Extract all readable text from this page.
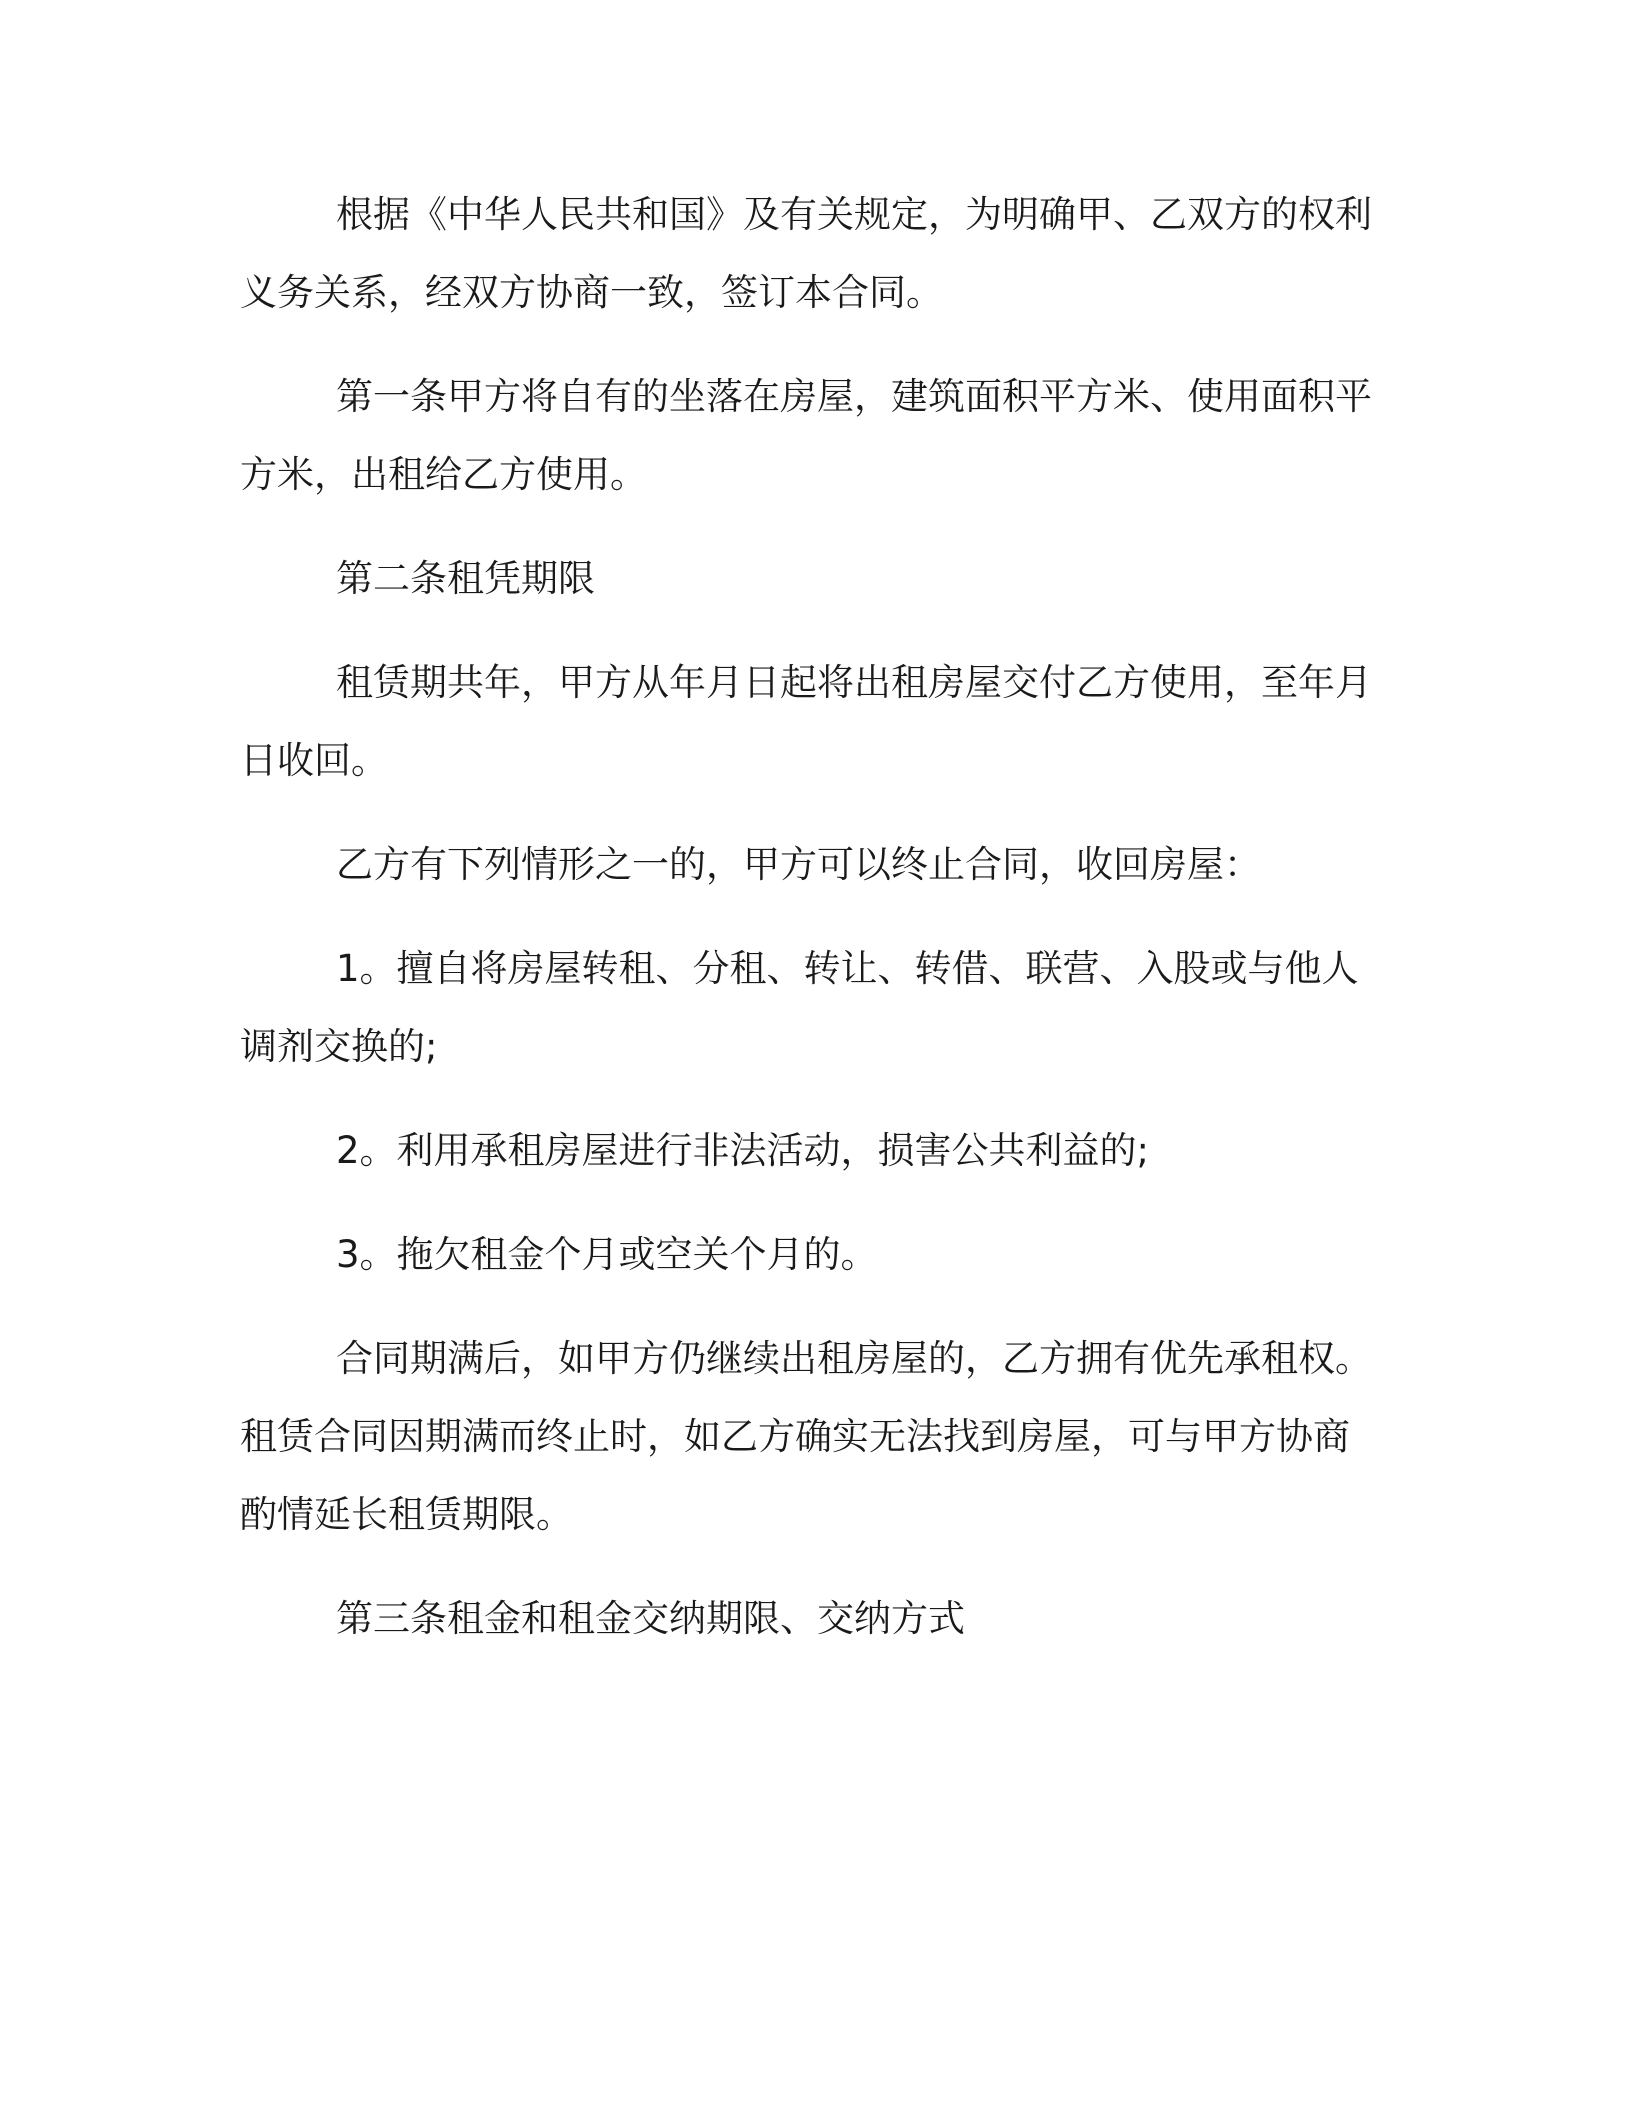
根据《中华人民共和国》及有关规定，为明确甲、乙双方的权利
义务关系，经双方协商一致，签订本合同。

第一条甲方将自有的坐落在房屋，建筑面积平方米、使用面积平
方米，出租给乙方使用。

第二条租凭期限

租赁期共年，甲方从年月日起将出租房屋交付乙方使用，至年月
日收回。

乙方有下列情形之一的，甲方可以终止合同，收回房屋：

1。擅自将房屋转租、分租、转让、转借、联营、入股或与他人
调剂交换的;

2。利用承租房屋进行非法活动，损害公共利益的;

3。拖欠租金个月或空关个月的。

合同期满后，如甲方仍继续出租房屋的，乙方拥有优先承租权。
租赁合同因期满而终止时，如乙方确实无法找到房屋，可与甲方协商
酌情延长租赁期限。

第三条租金和租金交纳期限、交纳方式
